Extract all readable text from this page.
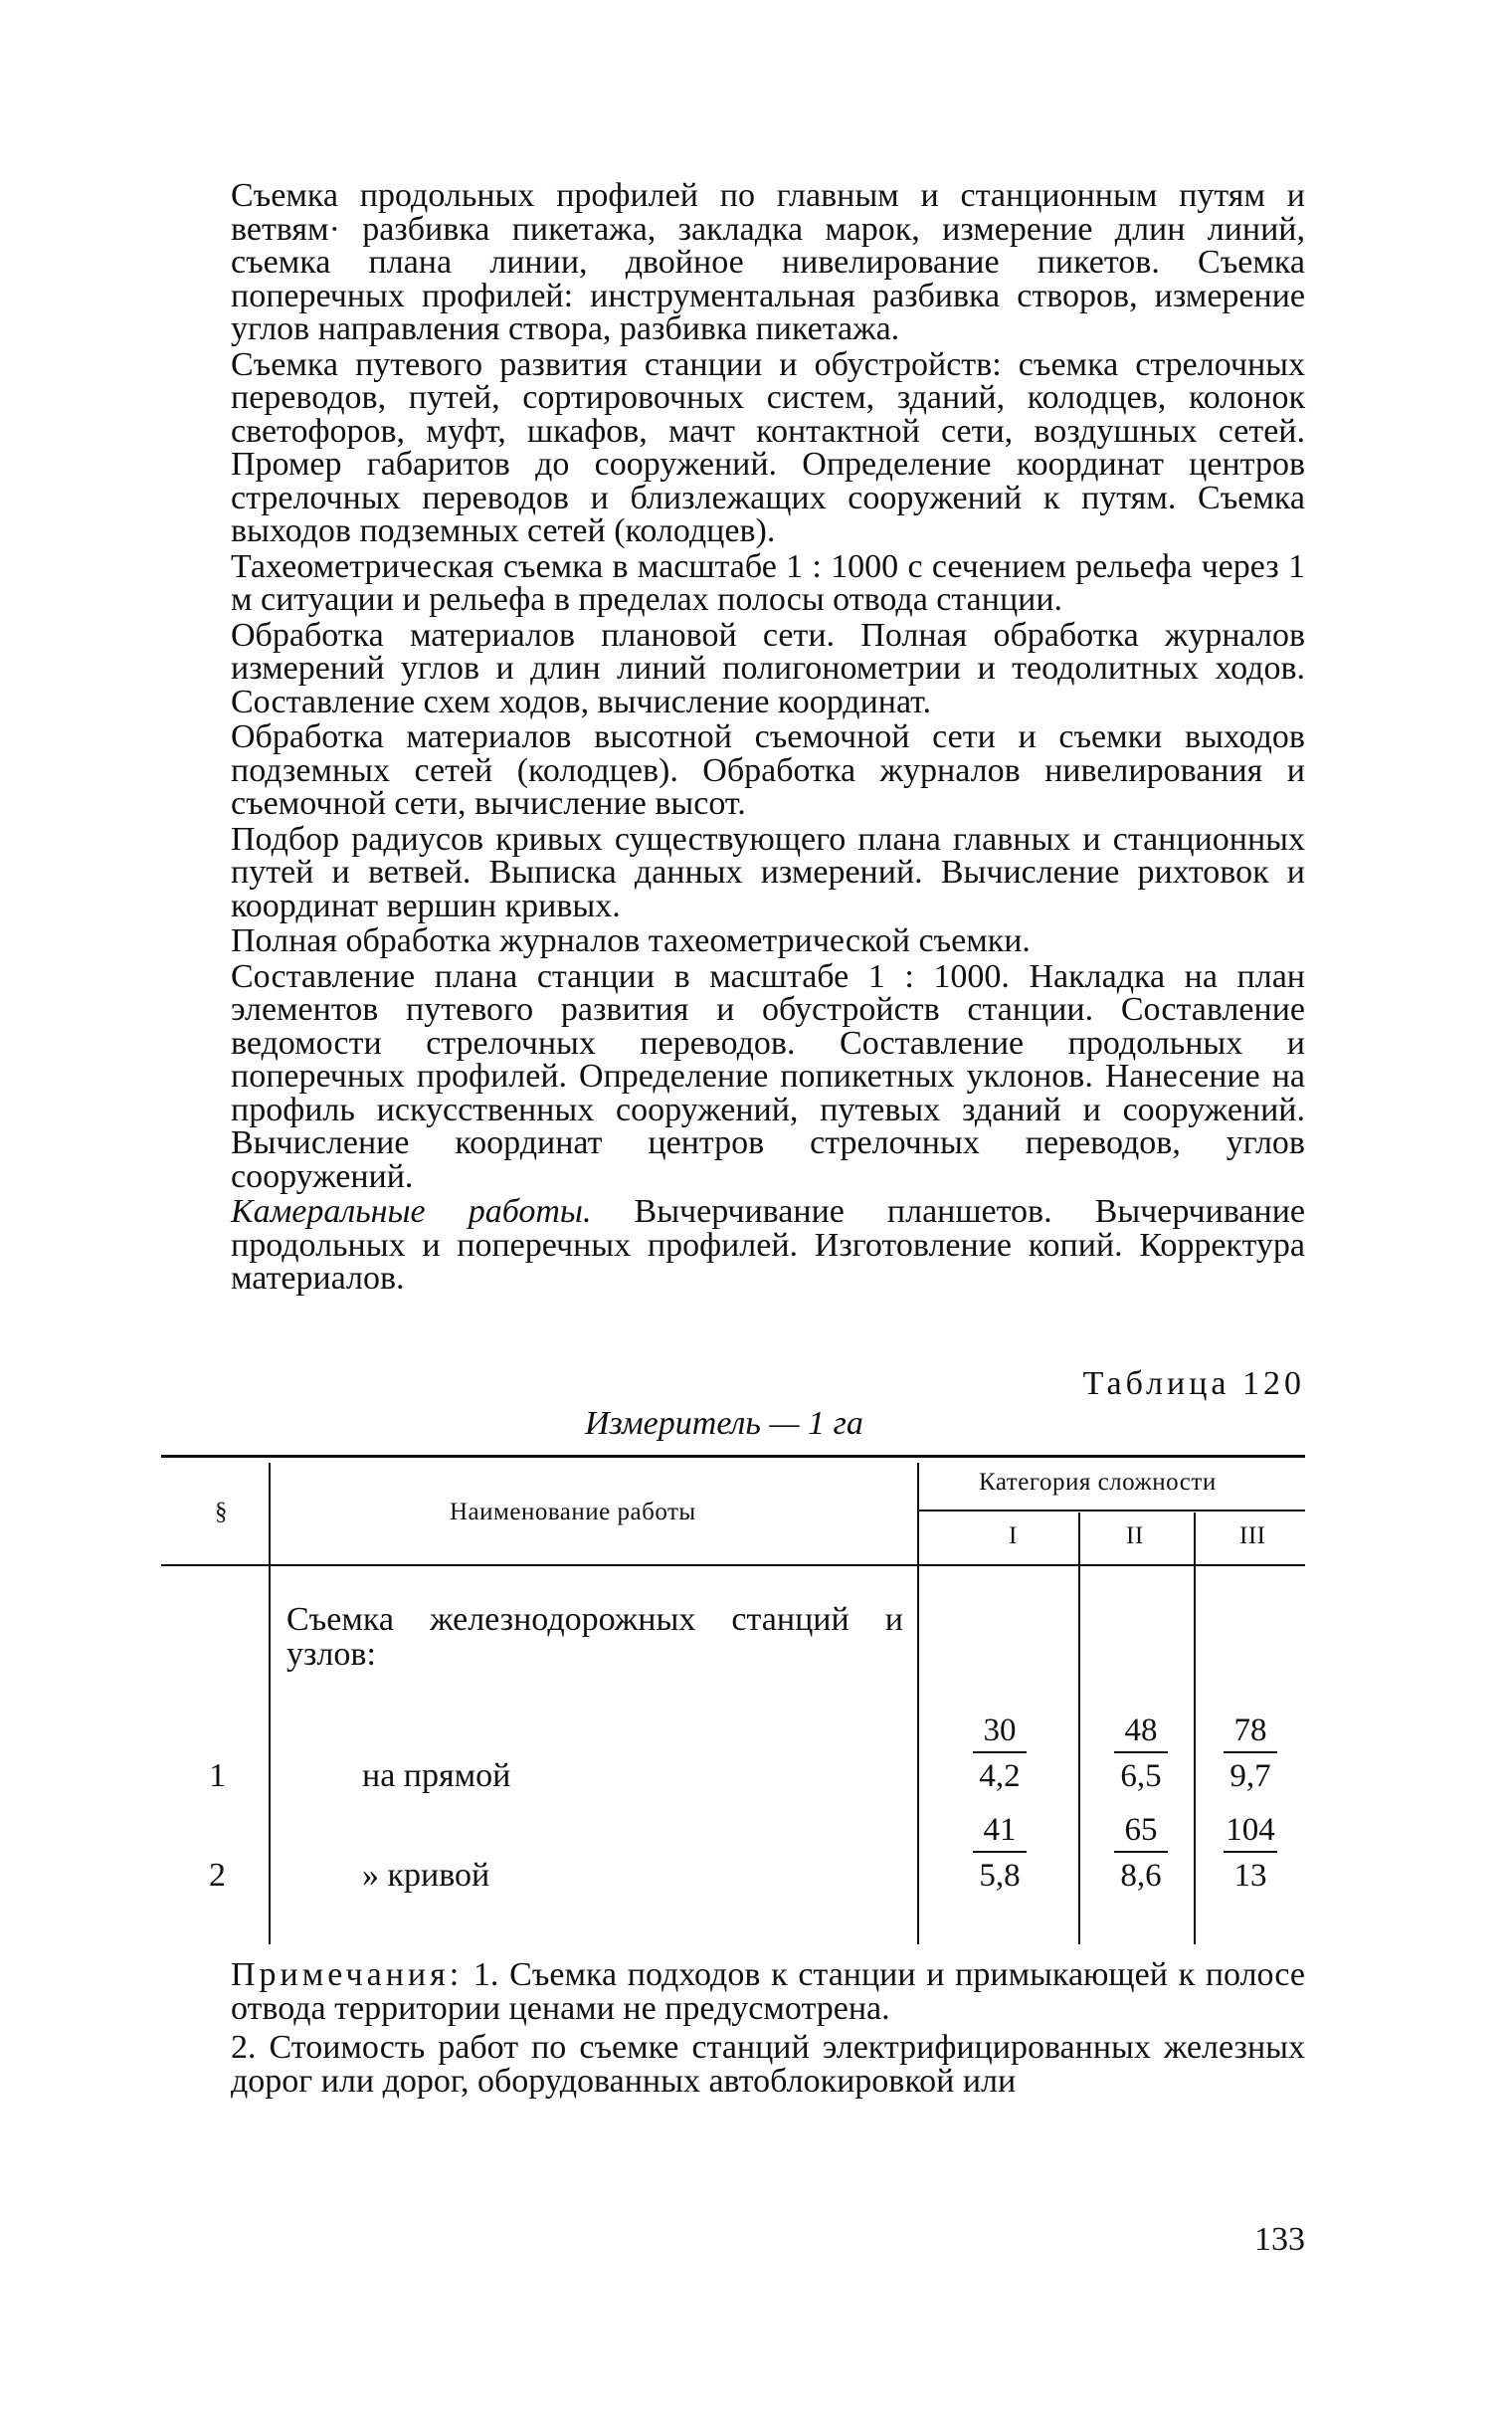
Съемка продольных профилей по главным и станционным путям и ветвям· разбивка пикетажа, закладка марок, измерение длин линий, съемка плана линии, двойное нивелирование пикетов. Съемка поперечных профилей: инструментальная разбивка створов, измерение углов направления створа, разбивка пикетажа.

Съемка путевого развития станции и обустройств: съемка стрелочных переводов, путей, сортировочных систем, зданий, колодцев, колонок светофоров, муфт, шкафов, мачт контактной сети, воздушных сетей. Промер габаритов до сооружений. Определение координат центров стрелочных переводов и близлежащих сооружений к путям. Съемка выходов подземных сетей (колодцев).

Тахеометрическая съемка в масштабе 1 : 1000 с сечением рельефа через 1 м ситуации и рельефа в пределах полосы отвода станции.

Обработка материалов плановой сети. Полная обработка журналов измерений углов и длин линий полигонометрии и теодолитных ходов. Составление схем ходов, вычисление координат.

Обработка материалов высотной съемочной сети и съемки выходов подземных сетей (колодцев). Обработка журналов нивелирования и съемочной сети, вычисление высот.

Подбор радиусов кривых существующего плана главных и станционных путей и ветвей. Выписка данных измерений. Вычисление рихтовок и координат вершин кривых.

Полная обработка журналов тахеометрической съемки.

Составление плана станции в масштабе 1 : 1000. Накладка на план элементов путевого развития и обустройств станции. Составление ведомости стрелочных переводов. Составление продольных и поперечных профилей. Определение попикетных уклонов. Нанесение на профиль искусственных сооружений, путевых зданий и сооружений. Вычисление координат центров стрелочных переводов, углов сооружений.

Камеральные работы. Вычерчивание планшетов. Вычерчивание продольных и поперечных профилей. Изготовление копий. Корректура материалов.

Таблица 120
Измеритель — 1 га
§	Наименование работы
Категория сложности
I	II	III
Съемка железнодорожных станций и узлов:
1	на прямой	$\frac{30}{4,2} \frac{48}{6,5} \frac{78}{9,7}$
2	» кривой	$\frac{41}{5,8} \frac{65}{8,6} \frac{104}{13}$

Примечания: 1. Съемка подходов к станции и примыкающей к полосе отвода территории ценами не предусмотрена.

2. Стоимость работ по съемке станций электрифицированных железных дорог или дорог, оборудованных автоблокировкой или

133
